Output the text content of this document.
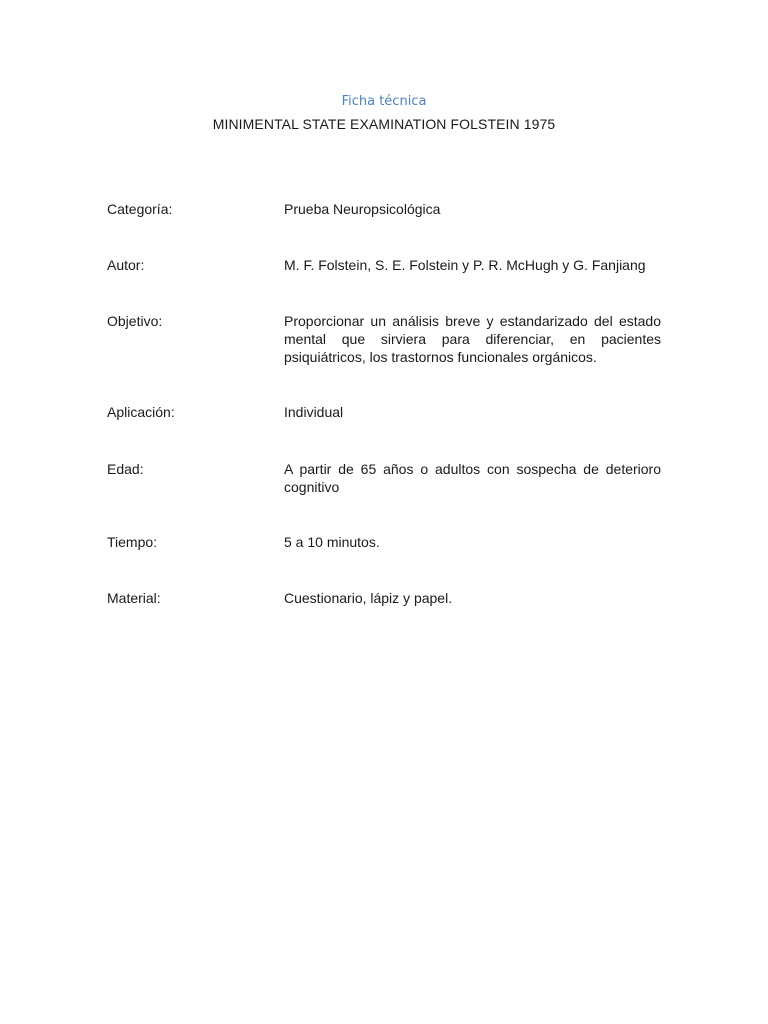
Ficha técnica
MINIMENTAL STATE EXAMINATION FOLSTEIN 1975
Categoría:	Prueba Neuropsicológica
Autor:	M. F. Folstein, S. E. Folstein y P. R. McHugh y G. Fanjiang
Objetivo:	Proporcionar un análisis breve y estandarizado del estado mental que sirviera para diferenciar, en pacientes psiquiátricos, los trastornos funcionales orgánicos.
Aplicación:	Individual
Edad:	A partir de 65 años o adultos con sospecha de deterioro cognitivo
Tiempo:	5 a 10 minutos.
Material:	Cuestionario, lápiz y papel.
